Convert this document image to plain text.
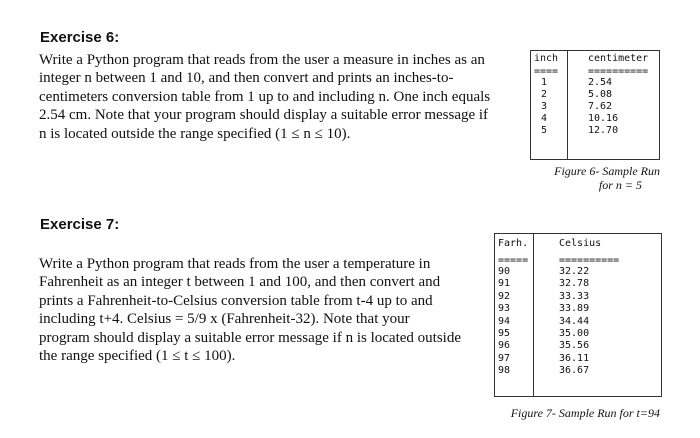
Exercise 6:
Write a Python program that reads from the user a measure in inches as an
integer n between 1 and 10, and then convert and prints an inches-to-
centimeters conversion table from 1 up to and including n. One inch equals
2.54 cm. Note that your program should display a suitable error message if
n is located outside the range specified (1 ≤ n ≤ 10).
inch
====
1
2
3
4
5
centimeter
==========
2.54
5.08
7.62
10.16
12.70
Figure 6- Sample Run
for n = 5
Exercise 7:
Write a Python program that reads from the user a temperature in
Fahrenheit as an integer t between 1 and 100, and then convert and
prints a Fahrenheit-to-Celsius conversion table from t-4 up to and
including t+4. Celsius = 5/9 x (Fahrenheit-32). Note that your
program should display a suitable error message if n is located outside
the range specified (1 ≤ t ≤ 100).
Farh.
=====
90
91
92
93
94
95
96
97
98
Celsius
==========
32.22
32.78
33.33
33.89
34.44
35.00
35.56
36.11
36.67
Figure 7- Sample Run for t=94
